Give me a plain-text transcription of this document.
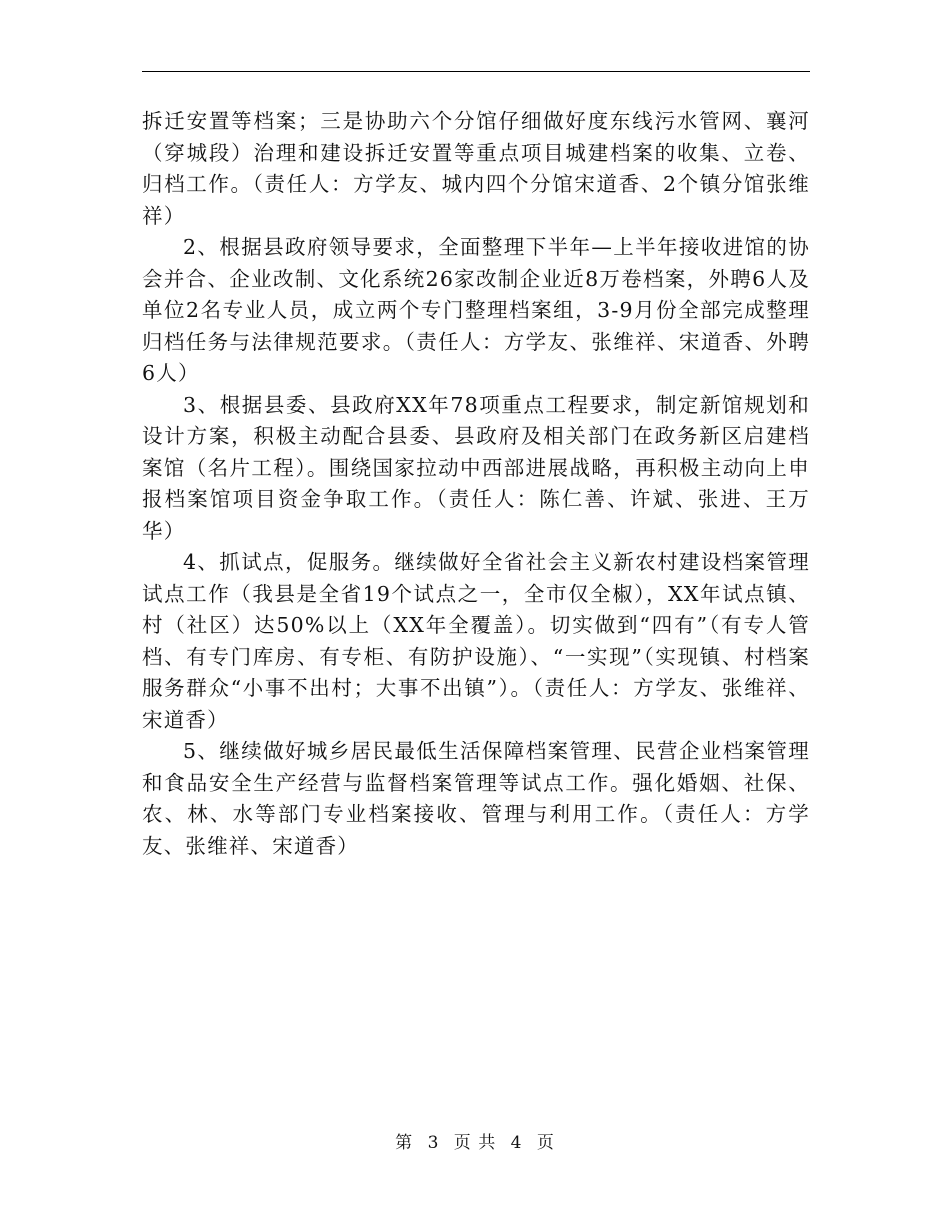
拆迁安置等档案；三是协助六个分馆仔细做好度东线污水管网、襄河（穿城段）治理和建设拆迁安置等重点项目城建档案的收集、立卷、归档工作。（责任人：方学友、城内四个分馆宋道香、2个镇分馆张维祥）

2、根据县政府领导要求，全面整理下半年—上半年接收进馆的协会并合、企业改制、文化系统26家改制企业近8万卷档案，外聘6人及单位2名专业人员，成立两个专门整理档案组，3-9月份全部完成整理归档任务与法律规范要求。（责任人：方学友、张维祥、宋道香、外聘6人）

3、根据县委、县政府XX年78项重点工程要求，制定新馆规划和设计方案，积极主动配合县委、县政府及相关部门在政务新区启建档案馆（名片工程）。围绕国家拉动中西部进展战略，再积极主动向上申报档案馆项目资金争取工作。（责任人：陈仁善、许斌、张进、王万华）

4、抓试点，促服务。继续做好全省社会主义新农村建设档案管理试点工作（我县是全省19个试点之一，全市仅全椒），XX年试点镇、村（社区）达50%以上（XX年全覆盖）。切实做到“四有”（有专人管档、有专门库房、有专柜、有防护设施）、“一实现”（实现镇、村档案服务群众“小事不出村；大事不出镇”）。（责任人：方学友、张维祥、宋道香）

5、继续做好城乡居民最低生活保障档案管理、民营企业档案管理和食品安全生产经营与监督档案管理等试点工作。强化婚姻、社保、农、林、水等部门专业档案接收、管理与利用工作。（责任人：方学友、张维祥、宋道香）

第 3 页 共 4 页
